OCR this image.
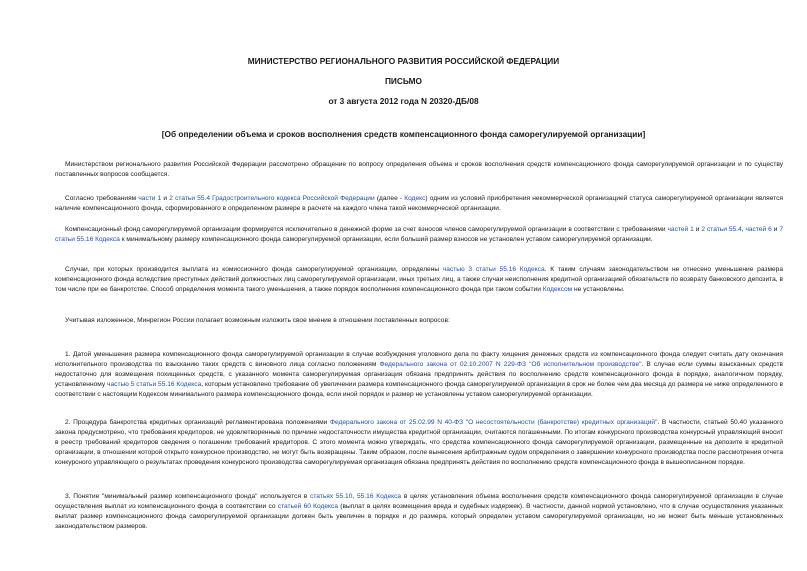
МИНИСТЕРСТВО РЕГИОНАЛЬНОГО РАЗВИТИЯ РОССИЙСКОЙ ФЕДЕРАЦИИ
ПИСЬМО
от 3 августа 2012 года N 20320-ДБ/08
[Об определении объема и сроков восполнения средств компенсационного фонда саморегулируемой организации]
Министерством регионального развития Российской Федерации рассмотрено обращение по вопросу определения объема и сроков восполнения средств компенсационного фонда саморегулируемой организации и по существу поставленных вопросов сообщается.
Согласно требованиям части 1 и 2 статьи 55.4 Градостроительного кодекса Российской Федерации (далее - Кодекс) одним из условий приобретения некоммерческой организацией статуса саморегулируемой организации является наличие компенсационного фонда, сформированного в определенном размере в расчете на каждого члена такой некоммерческой организации.
Компенсационный фонд саморегулируемой организации формируется исключительно в денежной форме за счет взносов членов саморегулируемой организации в соответствии с требованиями частей 1 и 2 статьи 55.4, частей 6 и 7 статьи 55.16 Кодекса к минимальному размеру компенсационного фонда саморегулируемой организации, если больший размер взносов не установлен уставом саморегулируемой организации.
Случаи, при которых производится выплата из комиссионного фонда саморегулируемой организации, определены частью 3 статьи 55.16 Кодекса. К таким случаям законодательством не отнесено уменьшение размера компенсационного фонда вследствие преступных действий должностных лиц саморегулируемой организации, иных третьих лиц, а также случаи неисполнения кредитной организацией обязательств по возврату банковского депозита, в том числе при ее банкротстве. Способ определения момента такого уменьшения, а также порядок восполнения компенсационного фонда при таком событии Кодексом не установлены.
Учитывая изложенное, Минрегион России полагает возможным изложить свое мнение в отношении поставленных вопросов:
1. Датой уменьшения размера компенсационного фонда саморегулируемой организации в случае возбуждения уголовного дела по факту хищения денежных средств из компенсационного фонда следует считать дату окончания исполнительного производства по взысканию таких средств с виновного лица согласно положениям Федерального закона от 02.10.2007 N 229-ФЗ "Об исполнительном производстве". В случае если суммы взысканных средств недостаточно для возмещения похищенных средств, с указанного момента саморегулируемая организация обязана предпринять действия по восполнению средств компенсационного фонда в порядке, аналогичном порядку, установленному частью 5 статьи 55.16 Кодекса, которым установлено требование об увеличении размера компенсационного фонда саморегулируемой организации в срок не более чем два месяца до размера не ниже определенного в соответствии с настоящим Кодексом минимального размера компенсационного фонда, если иной порядок и размер не установлены уставом саморегулируемой организации.
2. Процедура банкротства кредитных организаций регламентирована положениями Федерального закона от 25.02.99 N 40-ФЗ "О несостоятельности (банкротстве) кредитных организаций". В частности, статьей 50.40 указанного закона предусмотрено, что требования кредиторов, не удовлетворенные по причине недостаточности имущества кредитной организации, считаются погашенными. По итогам конкурсного производства конкурсный управляющий вносит в реестр требований кредиторов сведения о погашении требований кредиторов. С этого момента можно утверждать, что средства компенсационного фонда саморегулируемой организации, размещенные на депозите в кредитной организации, в отношении которой открыто конкурсное производство, не могут быть возвращены. Таким образом, после вынесения арбитражным судом определения о завершении конкурсного производства после рассмотрения отчета конкурсного управляющего о результатах проведения конкурсного производства саморегулируемая организация обязана предпринять действия по восполнению средств компенсационного фонда в вышеописанном порядке.
3. Понятие "минимальный размер компенсационного фонда" используется в статьях 55.10, 55.16 Кодекса в целях установления объема восполнения средств компенсационного фонда саморегулируемой организации в случае осуществления выплат из компенсационного фонда в соответствии со статьей 60 Кодекса (выплат в целях возмещения вреда и судебных издержек). В частности, данной нормой установлено, что в случае осуществления указанных выплат размер компенсационного фонда саморегулируемой организации должен быть увеличен в порядке и до размера, который определен уставом саморегулируемой организации, но не может быть меньше установленных законодательством размеров.
